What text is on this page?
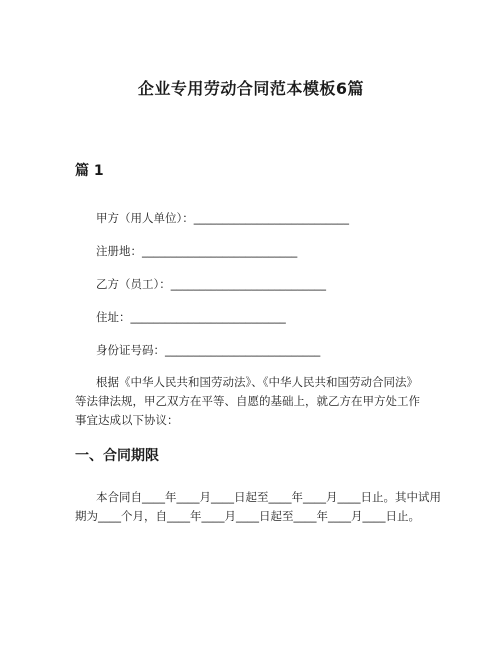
企业专用劳动合同范本模板6篇
篇 1
甲方（用人单位）：___________________________
注册地：___________________________
乙方（员工）：___________________________
住址：___________________________
身份证号码：___________________________
根据《中华人民共和国劳动法》、《中华人民共和国劳动合同法》
等法律法规，甲乙双方在平等、自愿的基础上，就乙方在甲方处工作
事宜达成以下协议：
一、合同期限
本合同自____年____月____日起至____年____月____日止。其中试用
期为____个月，自____年____月____日起至____年____月____日止。
